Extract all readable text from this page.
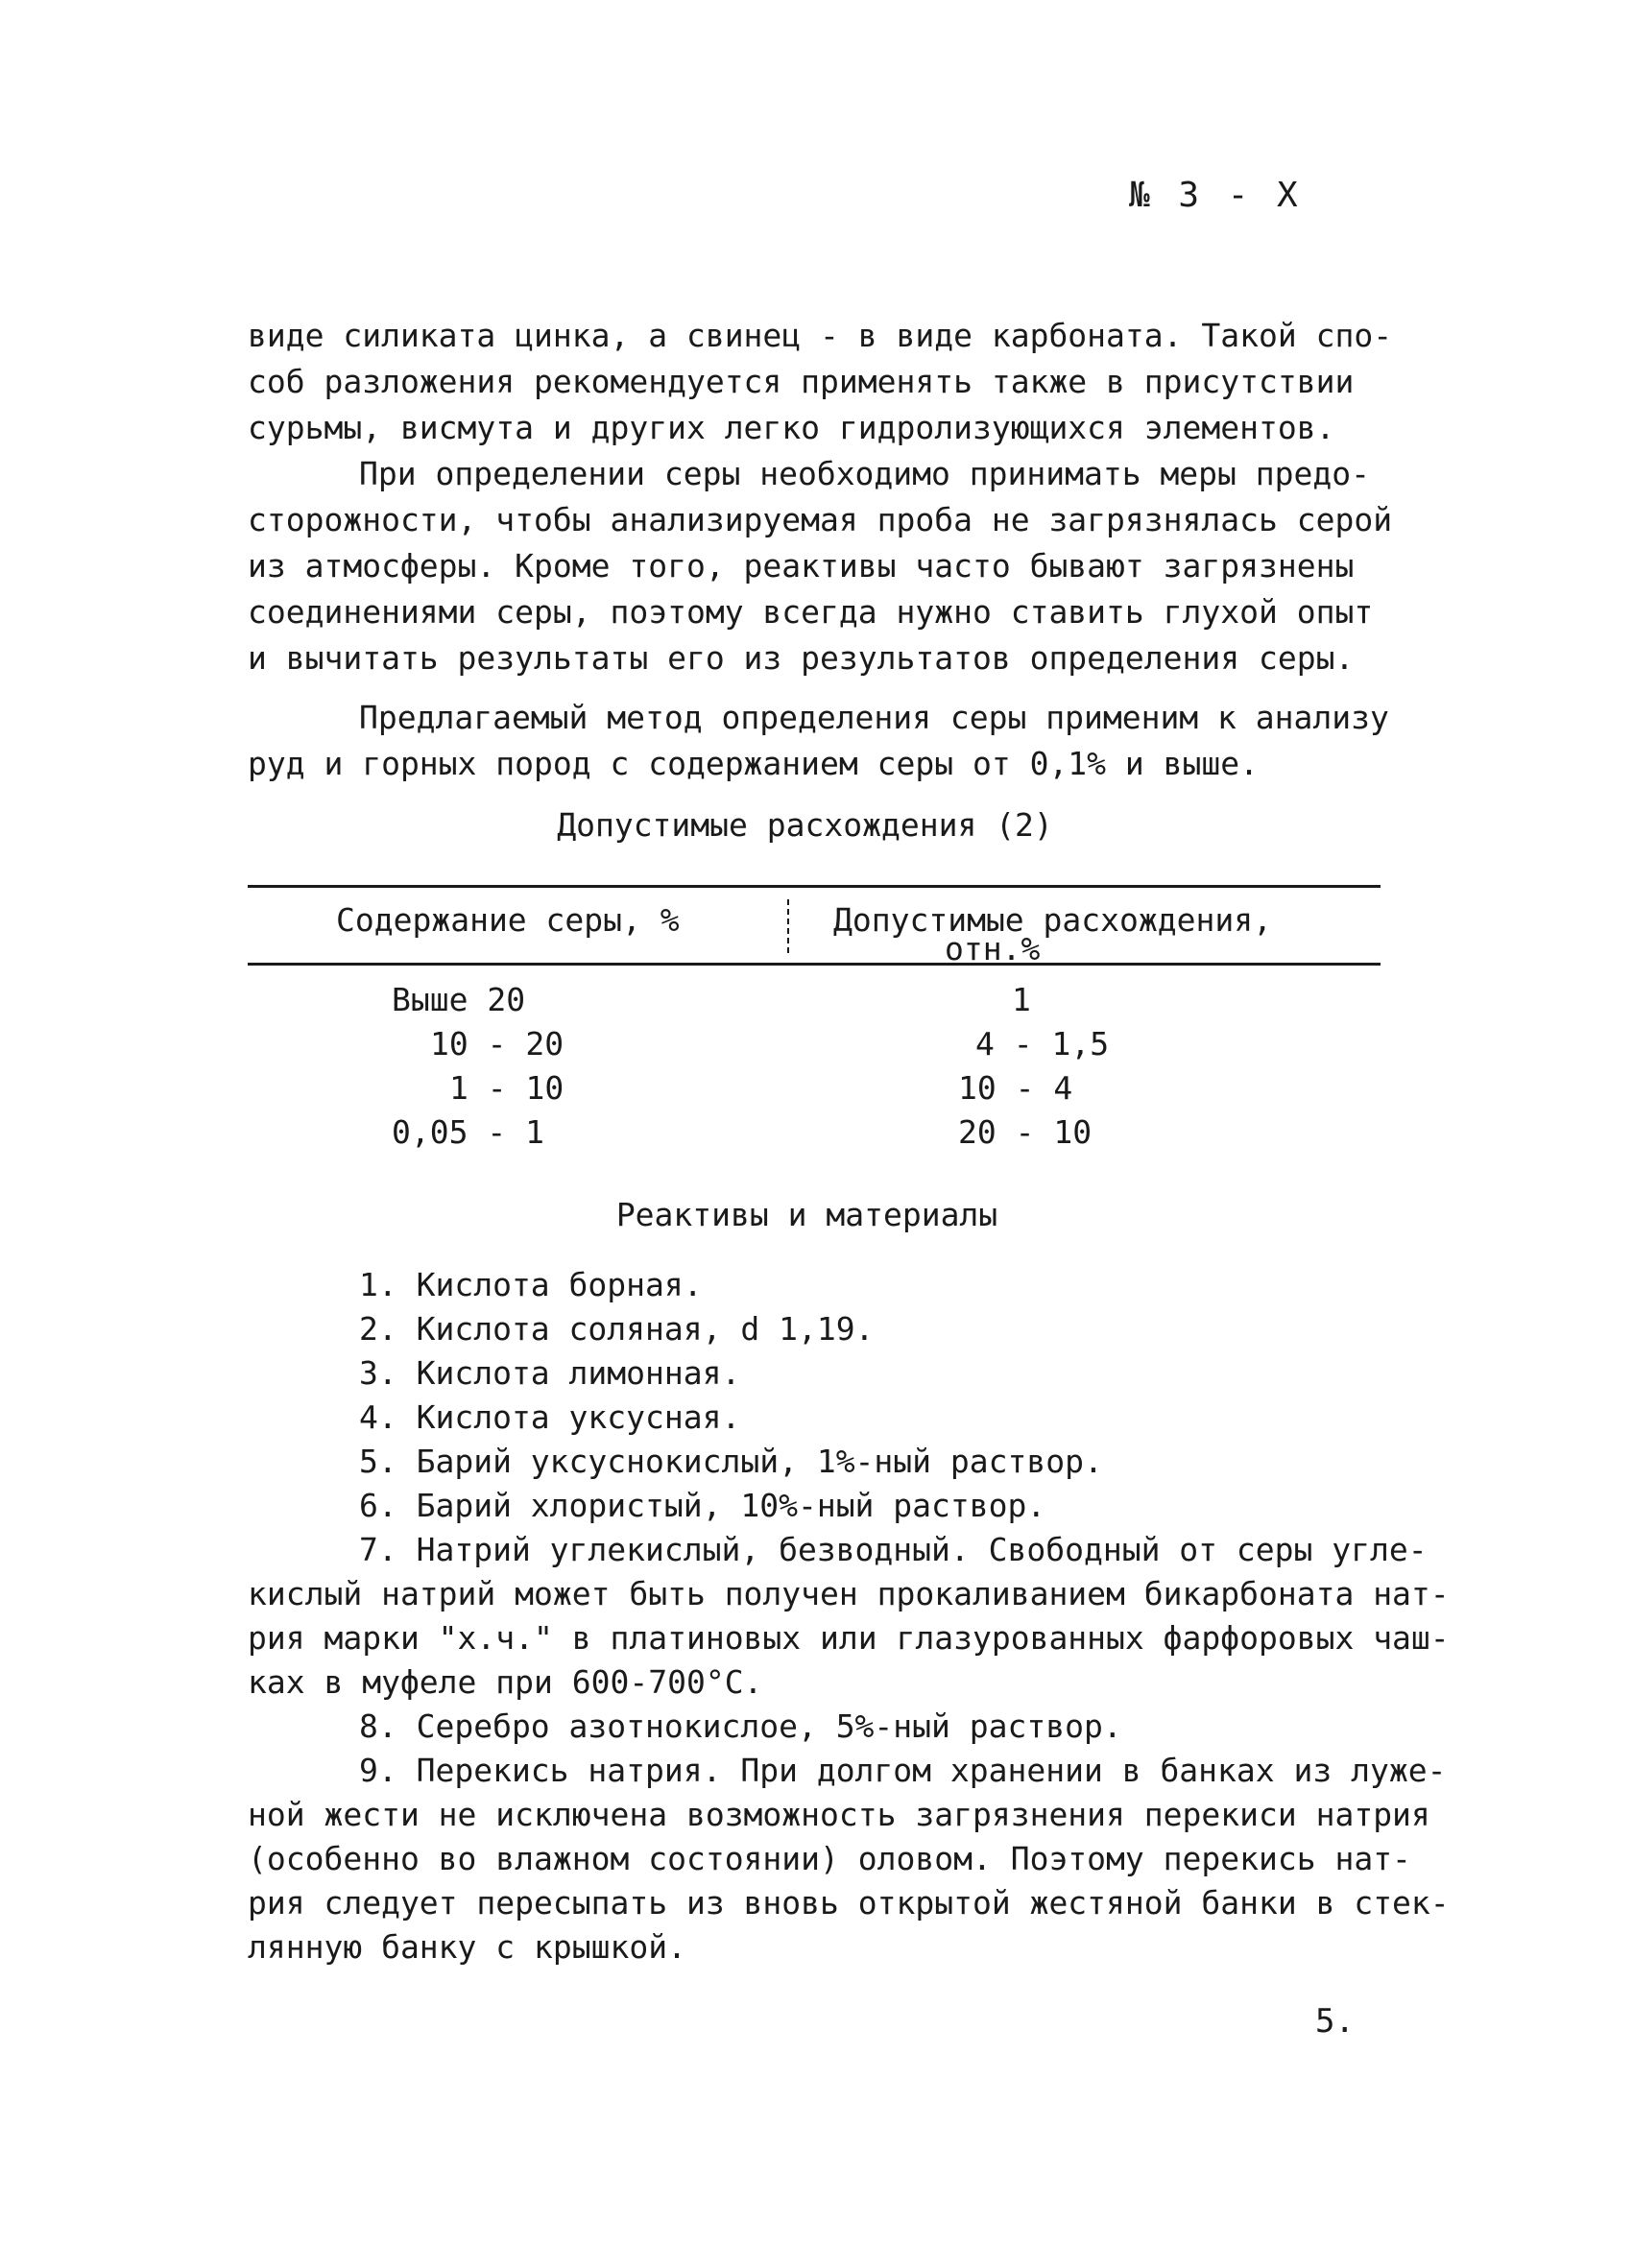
№ 3 - Х
виде силиката цинка, а свинец - в виде карбоната. Такой спо-
соб разложения рекомендуется применять также в присутствии
сурьмы, висмута и других легко гидролизующихся элементов.
При определении серы необходимо принимать меры предо-
сторожности, чтобы анализируемая проба не загрязнялась серой
из атмосферы. Кроме того, реактивы часто бывают загрязнены
соединениями серы, поэтому всегда нужно ставить глухой опыт
и вычитать результаты его из результатов определения серы.
Предлагаемый метод определения серы применим к анализу
руд и горных пород с содержанием серы от 0,1% и выше.
Допустимые расхождения (2)
Содержание серы, %	Допустимые расхождения,
отн.%
Выше 20	1
10 - 20	4 - 1,5
1 - 10	10 - 4
0,05 - 1	20 - 10
Реактивы и материалы
1. Кислота борная.
2. Кислота соляная, d 1,19.
3. Кислота лимонная.
4. Кислота уксусная.
5. Барий уксуснокислый, 1%-ный раствор.
6. Барий хлористый, 10%-ный раствор.
7. Натрий углекислый, безводный. Свободный от серы угле-
кислый натрий может быть получен прокаливанием бикарбоната нат-
рия марки "х.ч." в платиновых или глазурованных фарфоровых чаш-
ках в муфеле при 600-700°С.
8. Серебро азотнокислое, 5%-ный раствор.
9. Перекись натрия. При долгом хранении в банках из луже-
ной жести не исключена возможность загрязнения перекиси натрия
(особенно во влажном состоянии) оловом. Поэтому перекись нат-
рия следует пересыпать из вновь открытой жестяной банки в стек-
лянную банку с крышкой.
5.
